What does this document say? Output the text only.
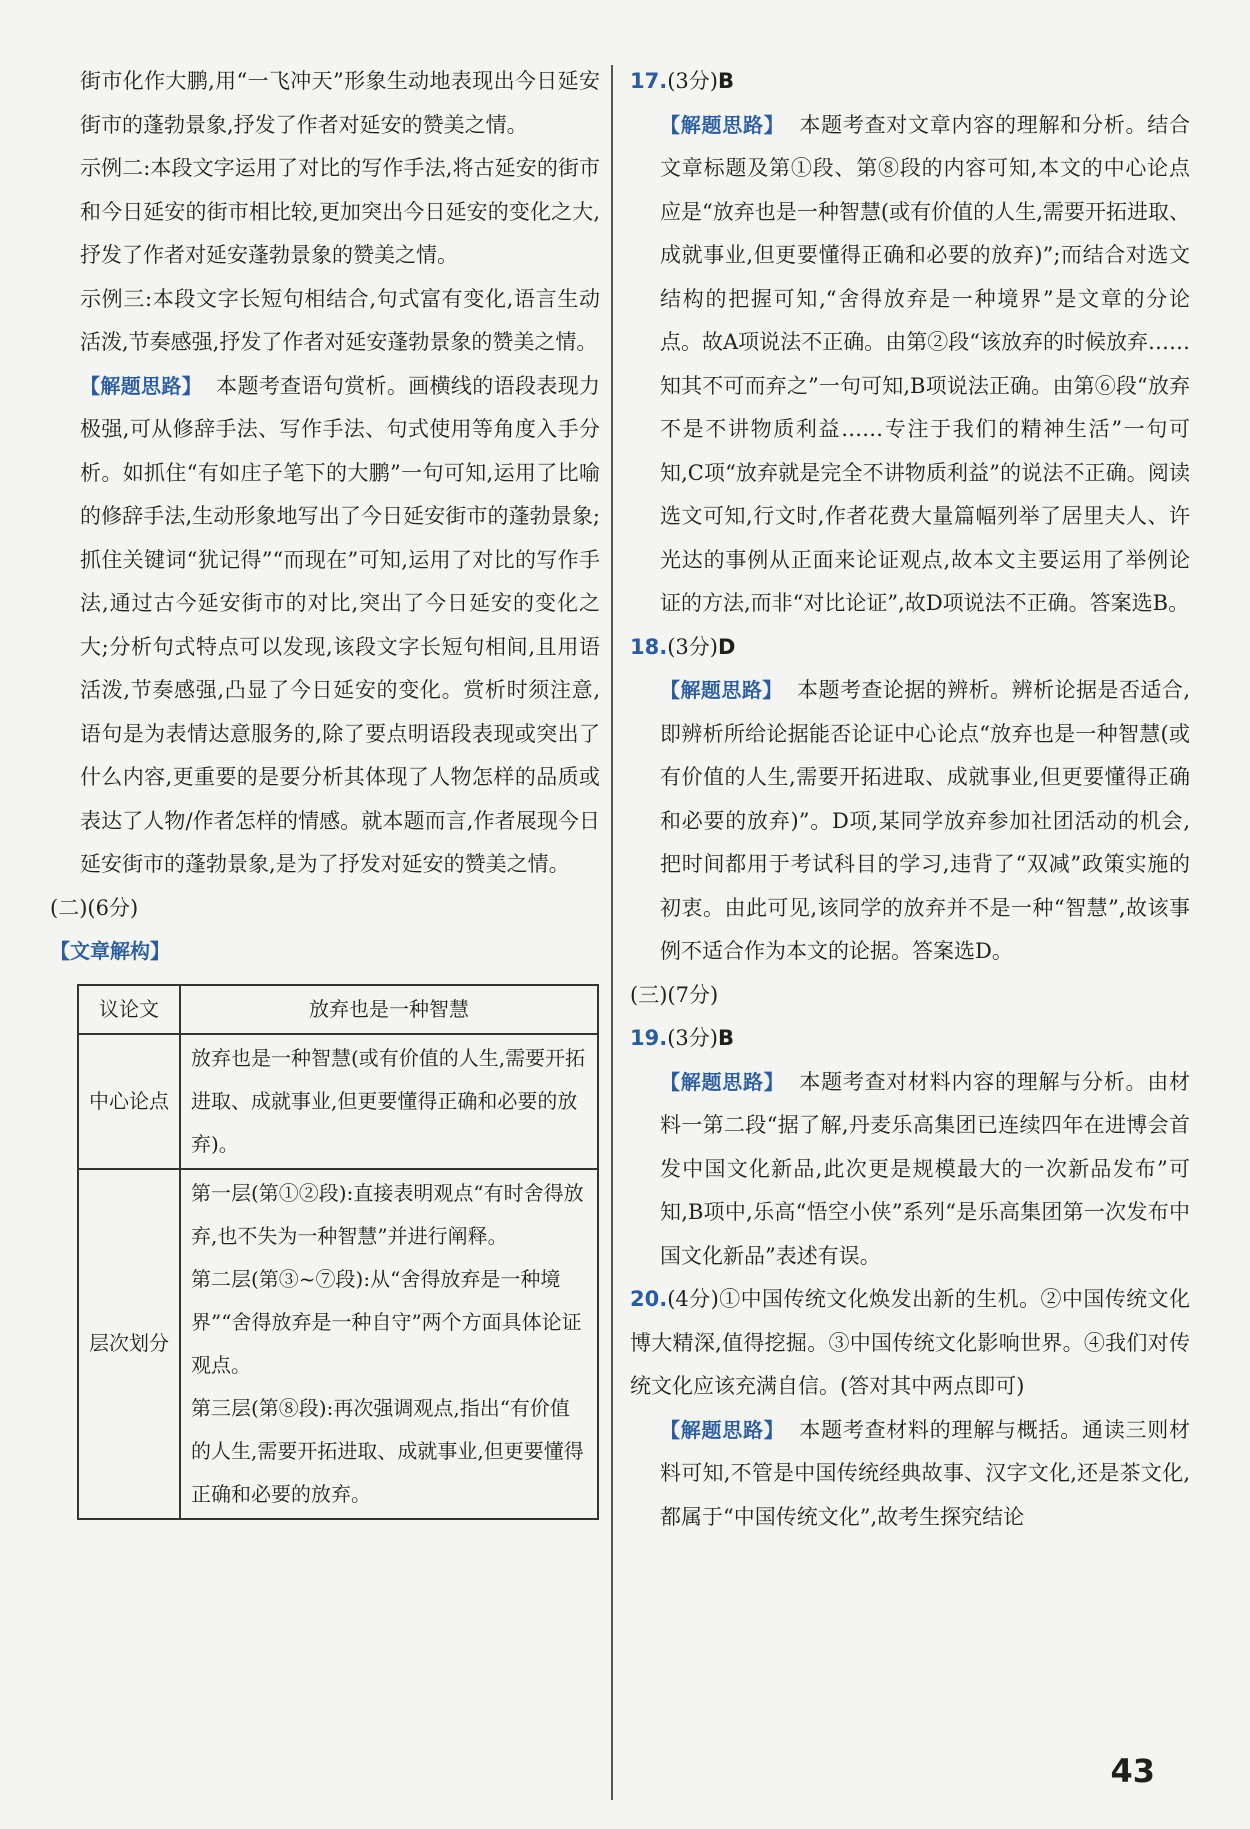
街市化作大鹏,用“一飞冲天”形象生动地表现出今日延安街市的蓬勃景象,抒发了作者对延安的赞美之情。

示例二:本段文字运用了对比的写作手法,将古延安的街市和今日延安的街市相比较,更加突出今日延安的变化之大,抒发了作者对延安蓬勃景象的赞美之情。

示例三:本段文字长短句相结合,句式富有变化,语言生动活泼,节奏感强,抒发了作者对延安蓬勃景象的赞美之情。

【解题思路】 本题考查语句赏析。画横线的语段表现力极强,可从修辞手法、写作手法、句式使用等角度入手分析。如抓住“有如庄子笔下的大鹏”一句可知,运用了比喻的修辞手法,生动形象地写出了今日延安街市的蓬勃景象;抓住关键词“犹记得”“而现在”可知,运用了对比的写作手法,通过古今延安街市的对比,突出了今日延安的变化之大;分析句式特点可以发现,该段文字长短句相间,且用语活泼,节奏感强,凸显了今日延安的变化。赏析时须注意,语句是为表情达意服务的,除了要点明语段表现或突出了什么内容,更重要的是要分析其体现了人物怎样的品质或表达了人物/作者怎样的情感。就本题而言,作者展现今日延安街市的蓬勃景象,是为了抒发对延安的赞美之情。

(二)(6分)

【文章解构】

议论文	放弃也是一种智慧
中心论点	放弃也是一种智慧(或有价值的人生,需要开拓进取、成就事业,但更要懂得正确和必要的放弃)。
层次划分	第一层(第①②段):直接表明观点“有时舍得放弃,也不失为一种智慧”并进行阐释。
第二层(第③~⑦段):从“舍得放弃是一种境界”“舍得放弃是一种自守”两个方面具体论证观点。
第三层(第⑧段):再次强调观点,指出“有价值的人生,需要开拓进取、成就事业,但更要懂得正确和必要的放弃。

17.(3分)B

【解题思路】 本题考查对文章内容的理解和分析。结合文章标题及第①段、第⑧段的内容可知,本文的中心论点应是“放弃也是一种智慧(或有价值的人生,需要开拓进取、成就事业,但更要懂得正确和必要的放弃)”;而结合对选文结构的把握可知,“舍得放弃是一种境界”是文章的分论点。故A项说法不正确。由第②段“该放弃的时候放弃……知其不可而弃之”一句可知,B项说法正确。由第⑥段“放弃不是不讲物质利益……专注于我们的精神生活”一句可知,C项“放弃就是完全不讲物质利益”的说法不正确。阅读选文可知,行文时,作者花费大量篇幅列举了居里夫人、许光达的事例从正面来论证观点,故本文主要运用了举例论证的方法,而非“对比论证”,故D项说法不正确。答案选B。

18.(3分)D

【解题思路】 本题考查论据的辨析。辨析论据是否适合,即辨析所给论据能否论证中心论点“放弃也是一种智慧(或有价值的人生,需要开拓进取、成就事业,但更要懂得正确和必要的放弃)”。D项,某同学放弃参加社团活动的机会,把时间都用于考试科目的学习,违背了“双减”政策实施的初衷。由此可见,该同学的放弃并不是一种“智慧”,故该事例不适合作为本文的论据。答案选D。

(三)(7分)

19.(3分)B

【解题思路】 本题考查对材料内容的理解与分析。由材料一第二段“据了解,丹麦乐高集团已连续四年在进博会首发中国文化新品,此次更是规模最大的一次新品发布”可知,B项中,乐高“悟空小侠”系列“是乐高集团第一次发布中国文化新品”表述有误。

20.(4分)①中国传统文化焕发出新的生机。②中国传统文化博大精深,值得挖掘。③中国传统文化影响世界。④我们对传统文化应该充满自信。(答对其中两点即可)

【解题思路】 本题考查材料的理解与概括。通读三则材料可知,不管是中国传统经典故事、汉字文化,还是茶文化,都属于“中国传统文化”,故考生探究结论

43
